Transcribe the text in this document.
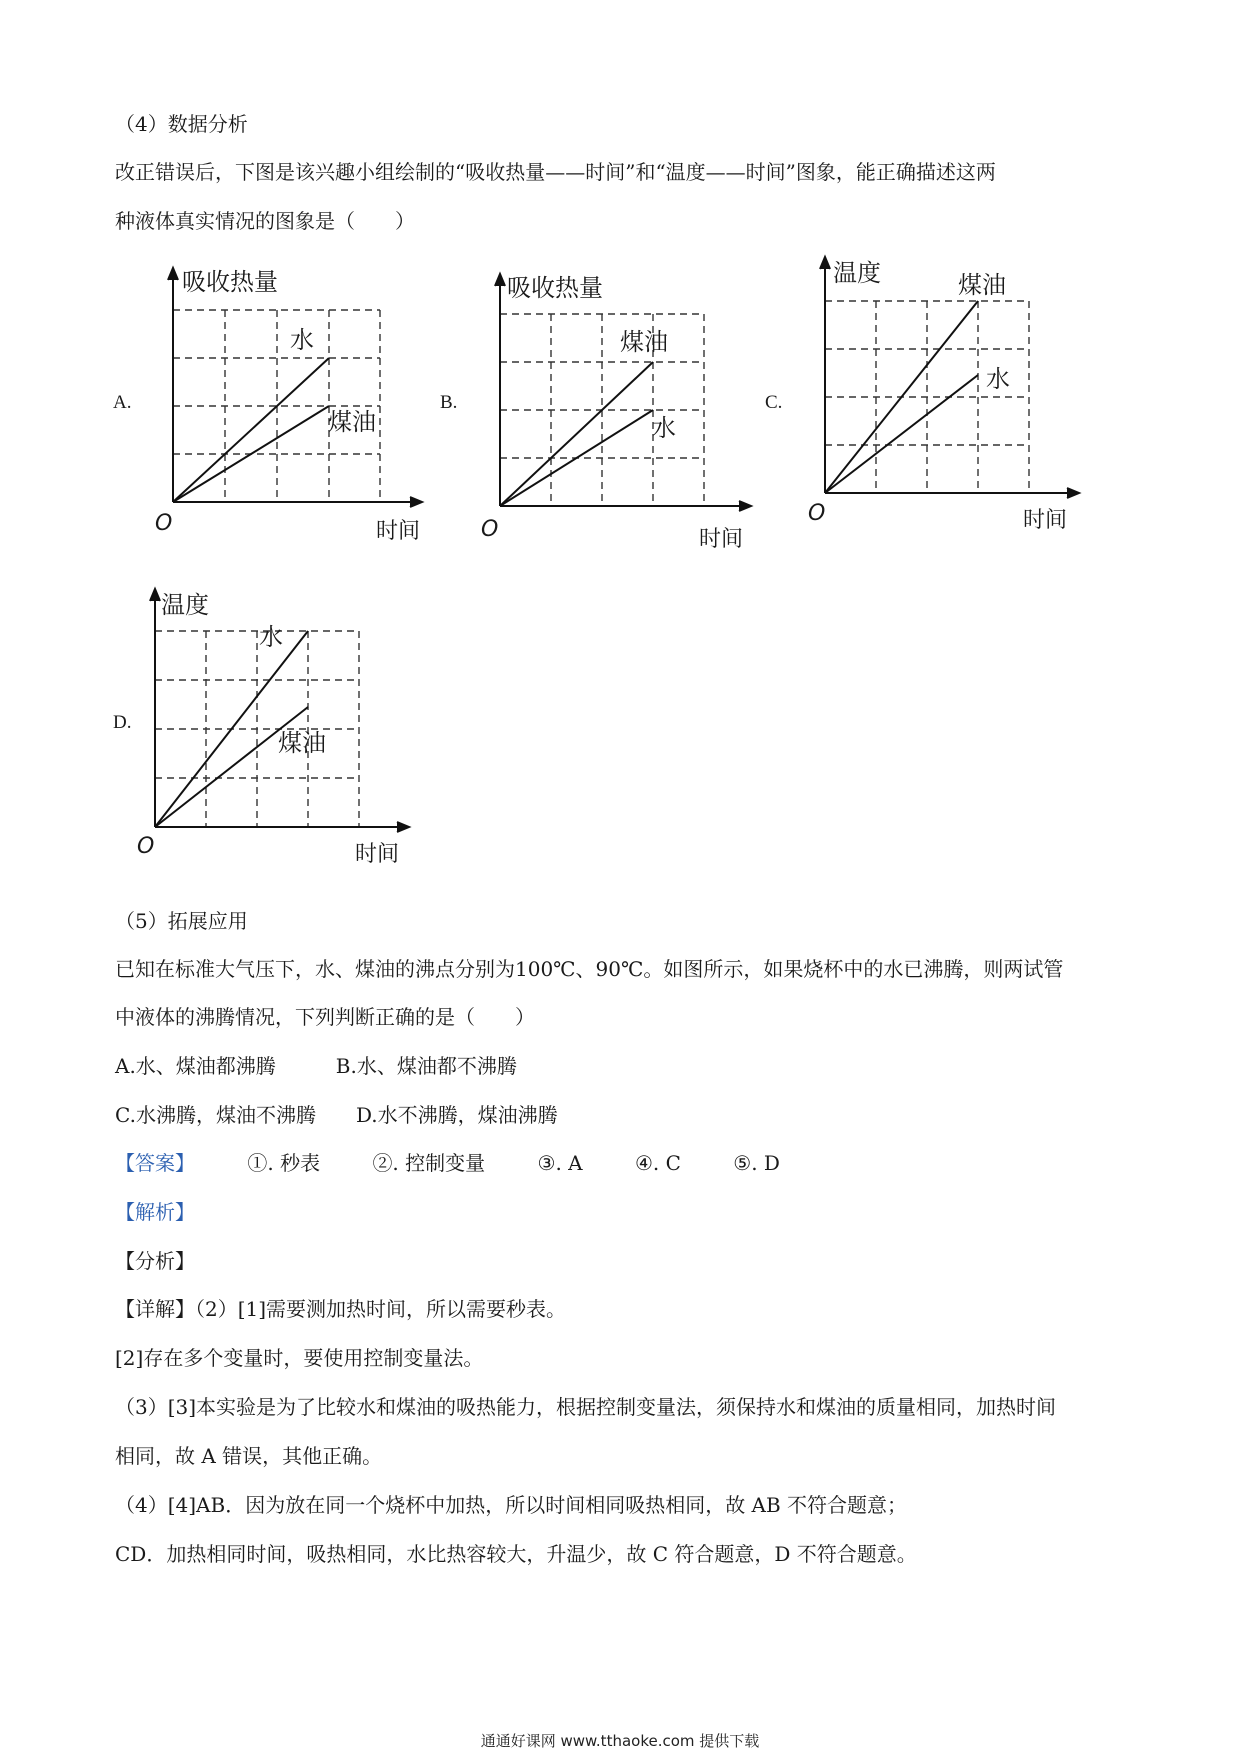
（4）数据分析
改正错误后，下图是该兴趣小组绘制的“吸收热量——时间”和“温度——时间”图象，能正确描述这两
种液体真实情况的图象是（　　）
A.
吸收热量
水
煤油
O	时间
B.
吸收热量
煤油
水
O	时间
C.
温度	煤油
水
O	时间
D.
温度
水
煤油
O	时间
（5）拓展应用
已知在标准大气压下，水、煤油的沸点分别为100℃、90℃。如图所示，如果烧杯中的水已沸腾，则两试管
中液体的沸腾情况，下列判断正确的是（　　）
A.水、煤油都沸腾　　　B.水、煤油都不沸腾
C.水沸腾，煤油不沸腾　　D.水不沸腾，煤油沸腾
【答案】	①. 秒表	②. 控制变量	③. A	④. C	⑤. D
【解析】
【分析】
【详解】（2）[1]需要测加热时间，所以需要秒表。
[2]存在多个变量时，要使用控制变量法。
（3）[3]本实验是为了比较水和煤油的吸热能力，根据控制变量法，须保持水和煤油的质量相同，加热时间
相同，故 A 错误，其他正确。
（4）[4]AB．因为放在同一个烧杯中加热，所以时间相同吸热相同，故 AB 不符合题意；
CD．加热相同时间，吸热相同，水比热容较大，升温少，故 C 符合题意，D 不符合题意。
通通好课网 www.tthaoke.com 提供下载
